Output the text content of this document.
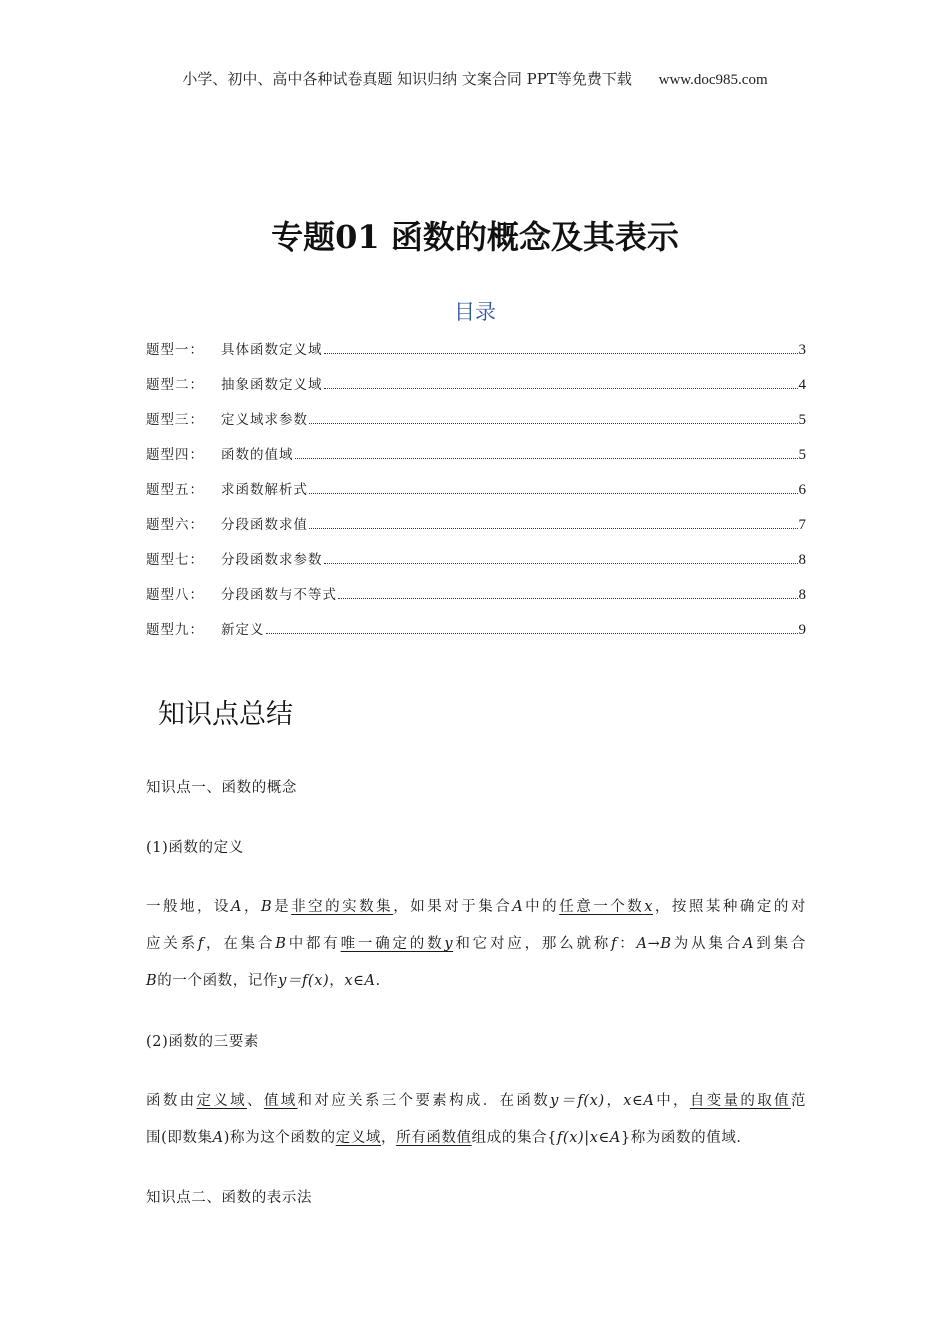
小学、初中、高中各种试卷真题 知识归纳 文案合同 PPT等免费下载 www.doc985.com
专题01 函数的概念及其表示
目录
题型一：	具体函数定义域	3
题型二：	抽象函数定义域	4
题型三：	定义域求参数	5
题型四：	函数的值域	5
题型五：	求函数解析式	6
题型六：	分段函数求值	7
题型七：	分段函数求参数	8
题型八：	分段函数与不等式	8
题型九：	新定义	9
知识点总结
知识点一、函数的概念
(1)函数的定义
一般地，设A，B是非空的实数集，如果对于集合A中的任意一个数x，按照某种确定的对
应关系f，在集合B中都有唯一确定的数y和它对应，那么就称f：A→B为从集合A到集合
B的一个函数，记作y＝f(x)，x∈A.
(2)函数的三要素
函数由定义域、值域和对应关系三个要素构成．在函数y＝f(x)，x∈A中，自变量的取值范
围(即数集A)称为这个函数的定义域，所有函数值组成的集合{f(x)|x∈A}称为函数的值域．
知识点二、函数的表示法
